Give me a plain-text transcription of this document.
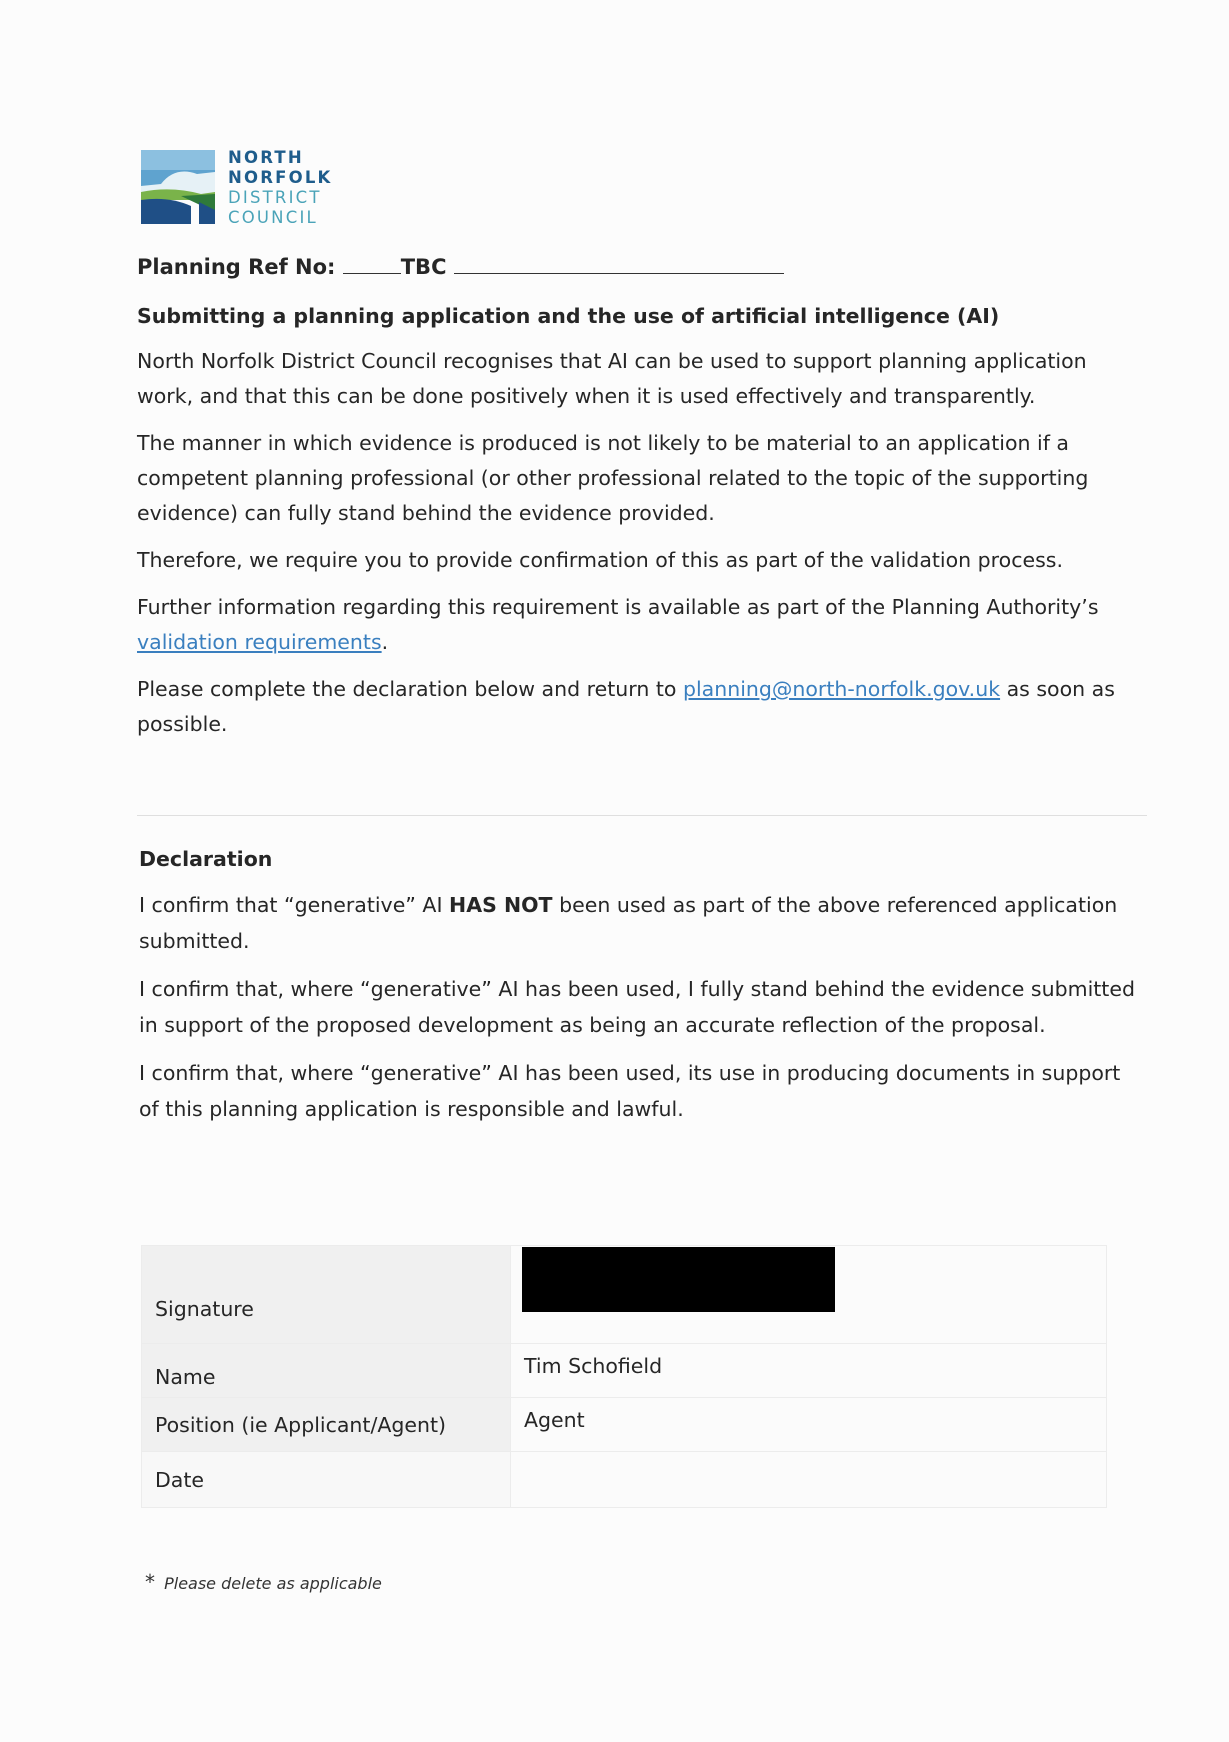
NORTH
NORFOLK
DISTRICT
COUNCIL
Planning Ref No:	TBC
Submitting a planning application and the use of artificial intelligence (AI)

North Norfolk District Council recognises that AI can be used to support planning application work, and that this can be done positively when it is used effectively and transparently.

The manner in which evidence is produced is not likely to be material to an application if a competent planning professional (or other professional related to the topic of the supporting evidence) can fully stand behind the evidence provided.

Therefore, we require you to provide confirmation of this as part of the validation process.

Further information regarding this requirement is available as part of the Planning Authority’s
validation requirements.

Please complete the declaration below and return to planning@north-norfolk.gov.uk as soon as possible.

Declaration

I confirm that “generative” AI HAS NOT been used as part of the above referenced application submitted.

I confirm that, where “generative” AI has been used, I fully stand behind the evidence submitted in support of the proposed development as being an accurate reflection of the proposal.

I confirm that, where “generative” AI has been used, its use in producing documents in support of this planning application is responsible and lawful.

Signature	
Name	Tim Schofield
Position (ie Applicant/Agent)	Agent
Date	
* Please delete as applicable
